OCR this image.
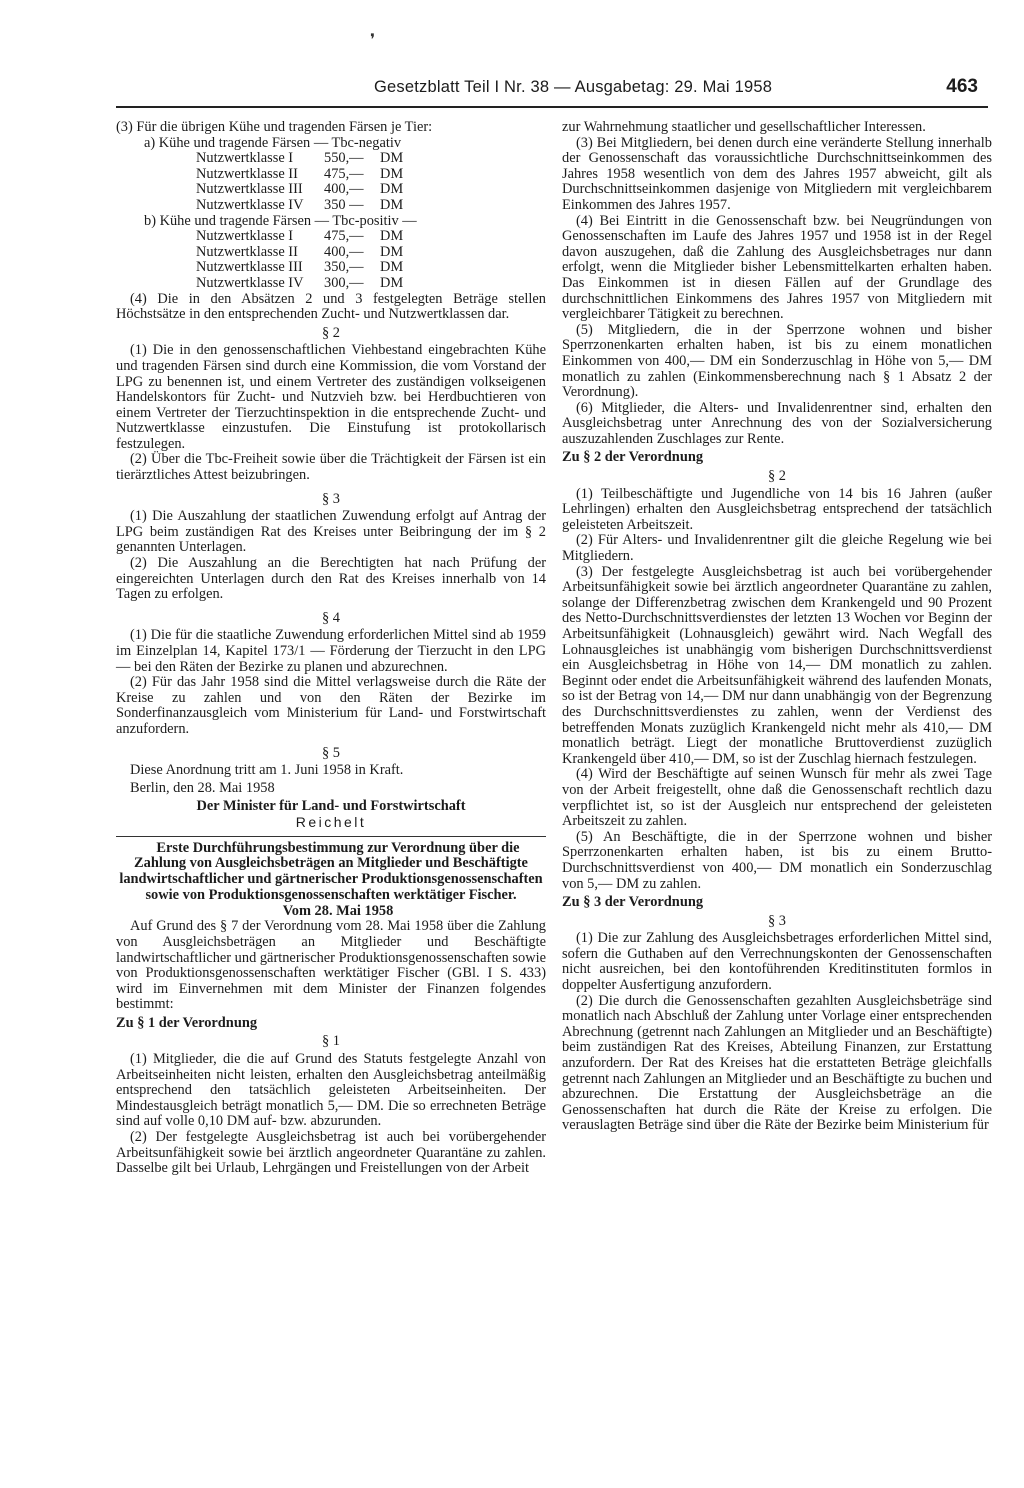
❜
Gesetzblatt Teil I Nr. 38 — Ausgabetag: 29. Mai 1958	463

(3) Für die übrigen Kühe und tragenden Färsen je Tier:

a) Kühe und tragende Färsen — Tbc-negativ

Nutzwertklasse I	550,—	DM
Nutzwertklasse II	475,—	DM
Nutzwertklasse III	400,—	DM
Nutzwertklasse IV	350 —	DM

b) Kühe und tragende Färsen — Tbc-positiv —

Nutzwertklasse I	475,—	DM
Nutzwertklasse II	400,—	DM
Nutzwertklasse III	350,—	DM
Nutzwertklasse IV	300,—	DM

(4) Die in den Absätzen 2 und 3 festgelegten Beträge stellen Höchstsätze in den entsprechenden Zucht- und Nutzwertklassen dar.

§ 2

(1) Die in den genossenschaftlichen Viehbestand eingebrachten Kühe und tragenden Färsen sind durch eine Kommission, die vom Vorstand der LPG zu benennen ist, und einem Vertreter des zuständigen volkseigenen Handelskontors für Zucht- und Nutzvieh bzw. bei Herdbuchtieren von einem Vertreter der Tierzuchtinspektion in die entsprechende Zucht- und Nutzwertklasse einzustufen. Die Einstufung ist protokollarisch festzulegen.

(2) Über die Tbc-Freiheit sowie über die Trächtigkeit der Färsen ist ein tierärztliches Attest beizubringen.

§ 3

(1) Die Auszahlung der staatlichen Zuwendung erfolgt auf Antrag der LPG beim zuständigen Rat des Kreises unter Beibringung der im § 2 genannten Unterlagen.

(2) Die Auszahlung an die Berechtigten hat nach Prüfung der eingereichten Unterlagen durch den Rat des Kreises innerhalb von 14 Tagen zu erfolgen.

§ 4

(1) Die für die staatliche Zuwendung erforderlichen Mittel sind ab 1959 im Einzelplan 14, Kapitel 173/1 — Förderung der Tierzucht in den LPG — bei den Räten der Bezirke zu planen und abzurechnen.

(2) Für das Jahr 1958 sind die Mittel verlagsweise durch die Räte der Kreise zu zahlen und von den Räten der Bezirke im Sonderfinanzausgleich vom Ministerium für Land- und Forstwirtschaft anzufordern.

§ 5

Diese Anordnung tritt am 1. Juni 1958 in Kraft.

Berlin, den 28. Mai 1958

Der Minister für Land- und Forstwirtschaft

Reichelt

Erste Durchführungsbestimmung zur Verordnung über die Zahlung von Ausgleichsbeträgen an Mitglieder und Beschäftigte landwirtschaftlicher und gärtnerischer Produktionsgenossenschaften sowie von Produktionsgenossenschaften werktätiger Fischer.

Vom 28. Mai 1958

Auf Grund des § 7 der Verordnung vom 28. Mai 1958 über die Zahlung von Ausgleichsbeträgen an Mitglieder und Beschäftigte landwirtschaftlicher und gärtnerischer Produktionsgenossenschaften sowie von Produktionsgenossenschaften werktätiger Fischer (GBl. I S. 433) wird im Einvernehmen mit dem Minister der Finanzen folgendes bestimmt:

Zu § 1 der Verordnung

§ 1

(1) Mitglieder, die die auf Grund des Statuts festgelegte Anzahl von Arbeitseinheiten nicht leisten, erhalten den Ausgleichsbetrag anteilmäßig entsprechend den tatsächlich geleisteten Arbeitseinheiten. Der Mindestausgleich beträgt monatlich 5,— DM. Die so errechneten Beträge sind auf volle 0,10 DM auf- bzw. abzurunden.

(2) Der festgelegte Ausgleichsbetrag ist auch bei vorübergehender Arbeitsunfähigkeit sowie bei ärztlich angeordneter Quarantäne zu zahlen. Dasselbe gilt bei Urlaub, Lehrgängen und Freistellungen von der Arbeit

zur Wahrnehmung staatlicher und gesellschaftlicher Interessen.

(3) Bei Mitgliedern, bei denen durch eine veränderte Stellung innerhalb der Genossenschaft das voraussichtliche Durchschnittseinkommen des Jahres 1958 wesentlich von dem des Jahres 1957 abweicht, gilt als Durchschnittseinkommen dasjenige von Mitgliedern mit vergleichbarem Einkommen des Jahres 1957.

(4) Bei Eintritt in die Genossenschaft bzw. bei Neugründungen von Genossenschaften im Laufe des Jahres 1957 und 1958 ist in der Regel davon auszugehen, daß die Zahlung des Ausgleichsbetrages nur dann erfolgt, wenn die Mitglieder bisher Lebensmittelkarten erhalten haben. Das Einkommen ist in diesen Fällen auf der Grundlage des durchschnittlichen Einkommens des Jahres 1957 von Mitgliedern mit vergleichbarer Tätigkeit zu berechnen.

(5) Mitgliedern, die in der Sperrzone wohnen und bisher Sperrzonenkarten erhalten haben, ist bis zu einem monatlichen Einkommen von 400,— DM ein Sonderzuschlag in Höhe von 5,— DM monatlich zu zahlen (Einkommensberechnung nach § 1 Absatz 2 der Verordnung).

(6) Mitglieder, die Alters- und Invalidenrentner sind, erhalten den Ausgleichsbetrag unter Anrechnung des von der Sozialversicherung auszuzahlenden Zuschlages zur Rente.

Zu § 2 der Verordnung

§ 2

(1) Teilbeschäftigte und Jugendliche von 14 bis 16 Jahren (außer Lehrlingen) erhalten den Ausgleichsbetrag entsprechend der tatsächlich geleisteten Arbeitszeit.

(2) Für Alters- und Invalidenrentner gilt die gleiche Regelung wie bei Mitgliedern.

(3) Der festgelegte Ausgleichsbetrag ist auch bei vorübergehender Arbeitsunfähigkeit sowie bei ärztlich angeordneter Quarantäne zu zahlen, solange der Differenzbetrag zwischen dem Krankengeld und 90 Prozent des Netto-Durchschnittsverdienstes der letzten 13 Wochen vor Beginn der Arbeitsunfähigkeit (Lohnausgleich) gewährt wird. Nach Wegfall des Lohnausgleiches ist unabhängig vom bisherigen Durchschnittsverdienst ein Ausgleichsbetrag in Höhe von 14,— DM monatlich zu zahlen. Beginnt oder endet die Arbeitsunfähigkeit während des laufenden Monats, so ist der Betrag von 14,— DM nur dann unabhängig von der Begrenzung des Durchschnittsverdienstes zu zahlen, wenn der Verdienst des betreffenden Monats zuzüglich Krankengeld nicht mehr als 410,— DM monatlich beträgt. Liegt der monatliche Bruttoverdienst zuzüglich Krankengeld über 410,— DM, so ist der Zuschlag hiernach festzulegen.

(4) Wird der Beschäftigte auf seinen Wunsch für mehr als zwei Tage von der Arbeit freigestellt, ohne daß die Genossenschaft rechtlich dazu verpflichtet ist, so ist der Ausgleich nur entsprechend der geleisteten Arbeitszeit zu zahlen.

(5) An Beschäftigte, die in der Sperrzone wohnen und bisher Sperrzonenkarten erhalten haben, ist bis zu einem Brutto-Durchschnittsverdienst von 400,— DM monatlich ein Sonderzuschlag von 5,— DM zu zahlen.

Zu § 3 der Verordnung

§ 3

(1) Die zur Zahlung des Ausgleichsbetrages erforderlichen Mittel sind, sofern die Guthaben auf den Verrechnungskonten der Genossenschaften nicht ausreichen, bei den kontoführenden Kreditinstituten formlos in doppelter Ausfertigung anzufordern.

(2) Die durch die Genossenschaften gezahlten Ausgleichsbeträge sind monatlich nach Abschluß der Zahlung unter Vorlage einer entsprechenden Abrechnung (getrennt nach Zahlungen an Mitglieder und an Beschäftigte) beim zuständigen Rat des Kreises, Abteilung Finanzen, zur Erstattung anzufordern. Der Rat des Kreises hat die erstatteten Beträge gleichfalls getrennt nach Zahlungen an Mitglieder und an Beschäftigte zu buchen und abzurechnen. Die Erstattung der Ausgleichsbeträge an die Genossenschaften hat durch die Räte der Kreise zu erfolgen. Die verauslagten Beträge sind über die Räte der Bezirke beim Ministerium für
